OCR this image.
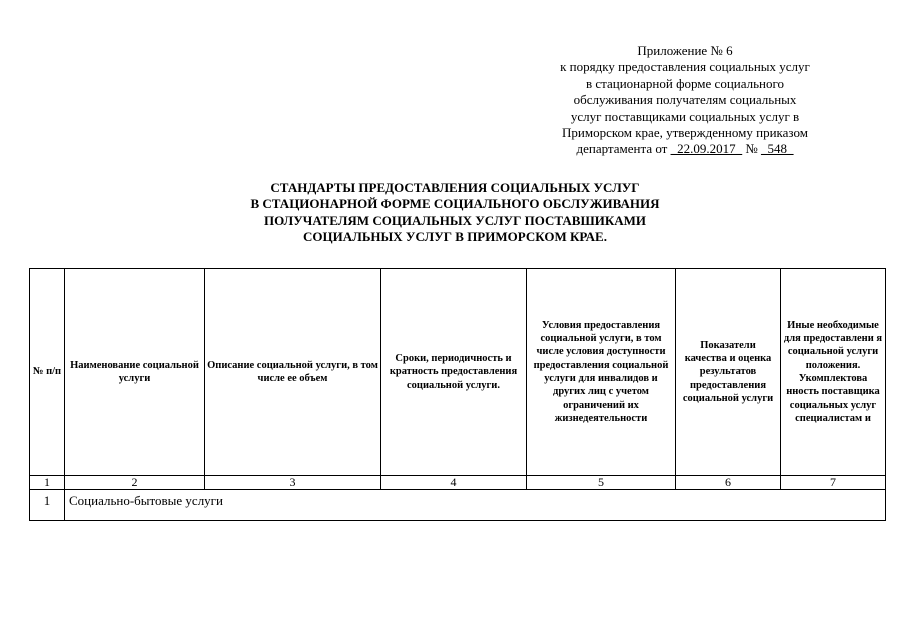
Приложение № 6
к порядку предоставления социальных услуг
в стационарной форме социального
обслуживания получателям социальных
услуг поставщиками социальных услуг в
Приморском крае, утвержденному приказом
департамента от _22.09.2017_ № _548_
СТАНДАРТЫ ПРЕДОСТАВЛЕНИЯ СОЦИАЛЬНЫХ УСЛУГ
В СТАЦИОНАРНОЙ ФОРМЕ СОЦИАЛЬНОГО ОБСЛУЖИВАНИЯ
ПОЛУЧАТЕЛЯМ СОЦИАЛЬНЫХ УСЛУГ ПОСТАВШИКАМИ
СОЦИАЛЬНЫХ УСЛУГ В ПРИМОРСКОМ КРАЕ.
№ п/п	Наименование социальной услуги	Описание социальной услуги, в том числе ее объем	Сроки, периодичность и кратность предоставления социальной услуги.	Условия предоставления социальной услуги, в том числе условия доступности предоставления социальной услуги для инвалидов и других лиц с учетом ограничений их жизнедеятельности	Показатели качества и оценка результатов предоставления социальной услуги	Иные необходимые для предоставлени я социальной услуги положения. Укомплектова нность поставщика социальных услуг специалистам и
1	2	3	4	5	6	7
1	Социально-бытовые услуги					
